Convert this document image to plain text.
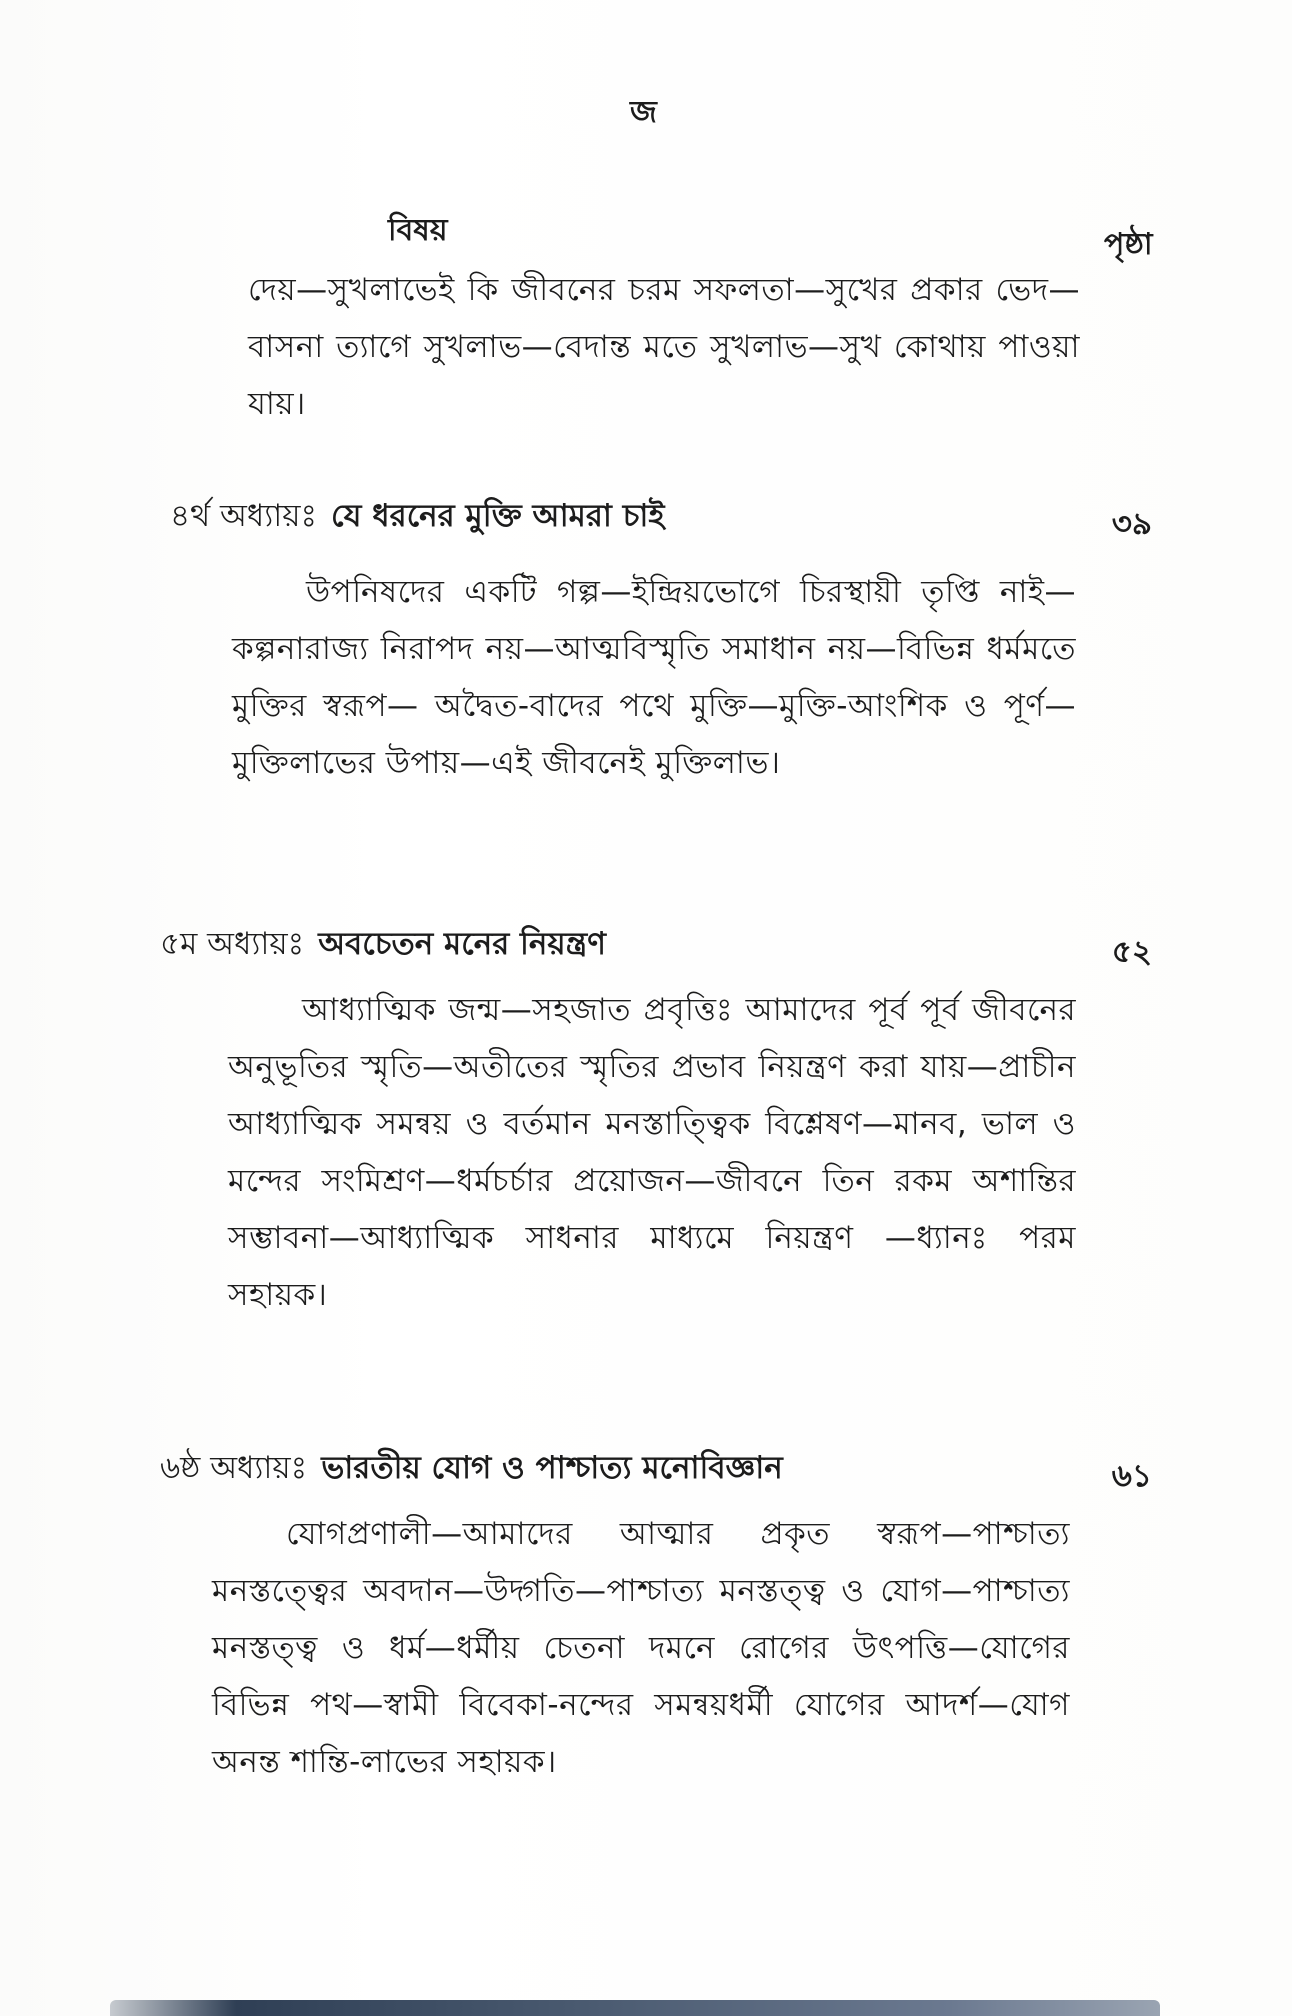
জ
বিষয়	পৃষ্ঠা
দেয়—সুখলাভেই কি জীবনের চরম সফলতা—সুখের প্রকার ভেদ—বাসনা ত্যাগে সুখলাভ—বেদান্ত মতে সুখলাভ—সুখ কোথায় পাওয়া যায়।
৪র্থ অধ্যায়ঃ যে ধরনের মুক্তি আমরা চাই	৩৯
উপনিষদের একটি গল্প—ইন্দ্রিয়ভোগে চিরস্থায়ী তৃপ্তি নাই—কল্পনারাজ্য নিরাপদ নয়—আত্মবিস্মৃতি সমাধান নয়—বিভিন্ন ধর্মমতে মুক্তির স্বরূপ— অদ্বৈত-বাদের পথে মুক্তি—মুক্তি-আংশিক ও পূর্ণ—মুক্তিলাভের উপায়—এই জীবনেই মুক্তিলাভ।
৫ম অধ্যায়ঃ অবচেতন মনের নিয়ন্ত্রণ	৫২
আধ্যাত্মিক জন্ম—সহজাত প্রবৃত্তিঃ আমাদের পূর্ব পূর্ব জীবনের অনুভূতির স্মৃতি—অতীতের স্মৃতির প্রভাব নিয়ন্ত্রণ করা যায়—প্রাচীন আধ্যাত্মিক সমন্বয় ও বর্তমান মনস্তাত্ত্বিক বিশ্লেষণ—মানব, ভাল ও মন্দের সংমিশ্রণ—ধর্মচর্চার প্রয়োজন—জীবনে তিন রকম অশান্তির সম্ভাবনা—আধ্যাত্মিক সাধনার মাধ্যমে নিয়ন্ত্রণ —ধ্যানঃ পরম সহায়ক।
৬ষ্ঠ অধ্যায়ঃ ভারতীয় যোগ ও পাশ্চাত্য মনোবিজ্ঞান	৬১
যোগপ্রণালী—আমাদের আত্মার প্রকৃত স্বরূপ—পাশ্চাত্য মনস্তত্ত্বের অবদান—উদ্গতি—পাশ্চাত্য মনস্তত্ত্ব ও যোগ—পাশ্চাত্য মনস্তত্ত্ব ও ধর্ম—ধর্মীয় চেতনা দমনে রোগের উৎপত্তি—যোগের বিভিন্ন পথ—স্বামী বিবেকা-নন্দের সমন্বয়ধর্মী যোগের আদর্শ—যোগ অনন্ত শান্তি-লাভের সহায়ক।
